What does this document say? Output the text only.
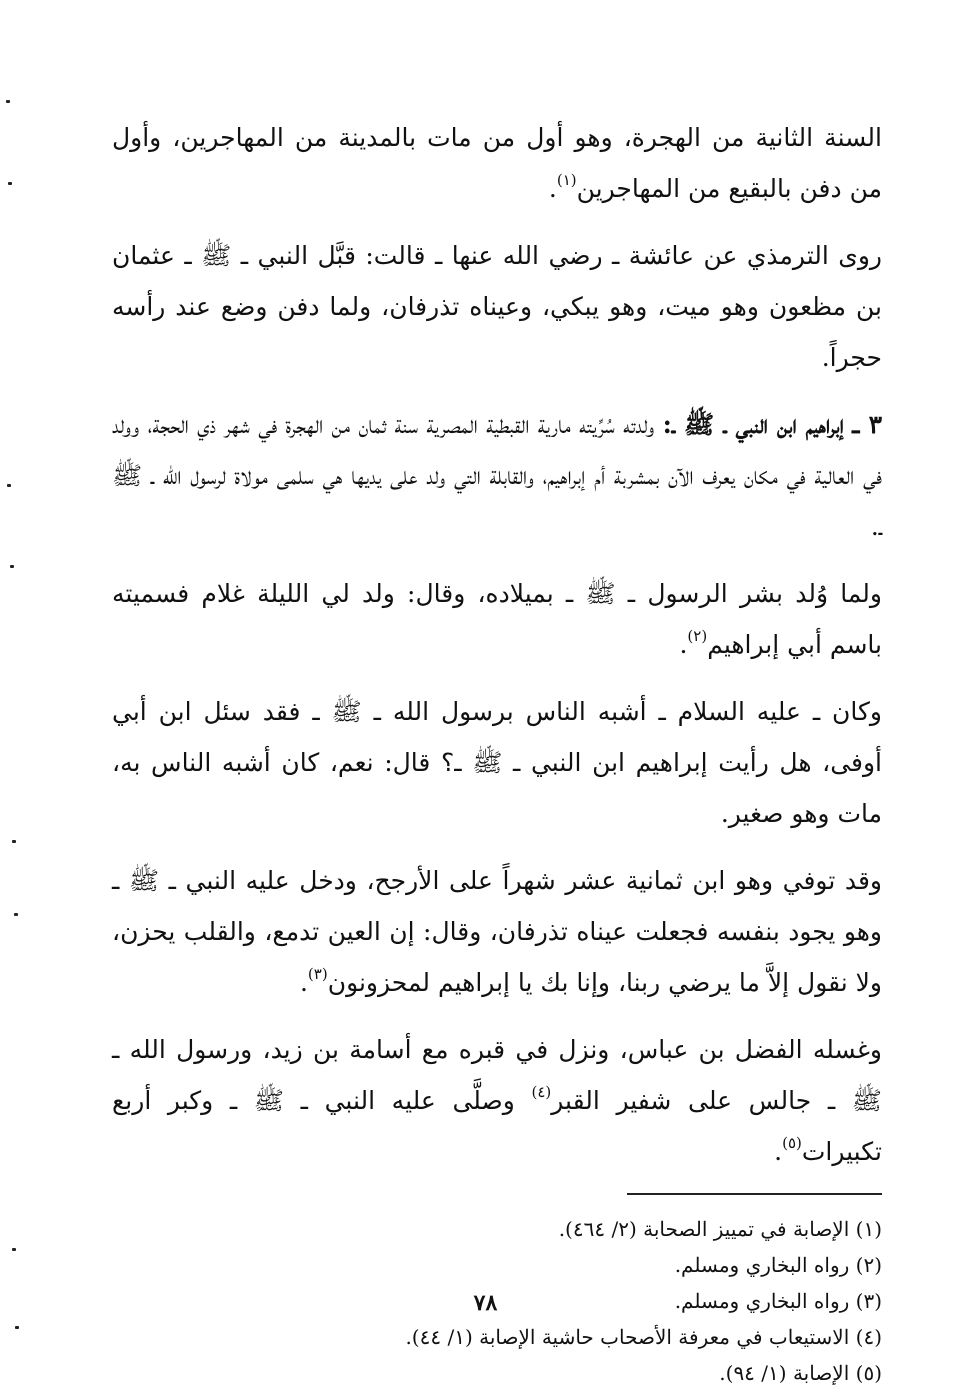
السنة الثانية من الهجرة، وهو أول من مات بالمدينة من المهاجرين، وأول من دفن بالبقيع من المهاجرين$^{(١)}$.

روى الترمذي عن عائشة ـ رضي الله عنها ـ قالت: قبَّل النبي ـ ﷺ ـ عثمان بن مظعون وهو ميت، وهو يبكي، وعيناه تذرفان، ولما دفن وضع عند رأسه حجراً.

٣ ـ إبراهيم ابن النبي ـ ﷺ ـ: ولدته سُرِّيته مارية القبطية المصرية سنة ثمان من الهجرة في شهر ذي الحجة، وولد في العالية في مكان يعرف الآن بمشربة أم إبراهيم، والقابلة التي ولد على يديها هي سلمى مولاة لرسول الله ـ ﷺ ـ.

ولما وُلد بشر الرسول ـ ﷺ ـ بميلاده، وقال: ولد لي الليلة غلام فسميته باسم أبي إبراهيم$^{(٢)}$.

وكان ـ عليه السلام ـ أشبه الناس برسول الله ـ ﷺ ـ فقد سئل ابن أبي أوفى، هل رأيت إبراهيم ابن النبي ـ ﷺ ـ؟ قال: نعم، كان أشبه الناس به، مات وهو صغير.

وقد توفي وهو ابن ثمانية عشر شهراً على الأرجح، ودخل عليه النبي ـ ﷺ ـ وهو يجود بنفسه فجعلت عيناه تذرفان، وقال: إن العين تدمع، والقلب يحزن، ولا نقول إلاَّ ما يرضي ربنا، وإنا بك يا إبراهيم لمحزونون$^{(٣)}$.

وغسله الفضل بن عباس، ونزل في قبره مع أسامة بن زيد، ورسول الله ـ ﷺ ـ جالس على شفير القبر$^{(٤)}$ وصلَّى عليه النبي ـ ﷺ ـ وكبر أربع تكبيرات$^{(٥)}$.

(١) الإصابة في تمييز الصحابة (٢/ ٤٦٤).

(٢) رواه البخاري ومسلم.

(٣) رواه البخاري ومسلم.

(٤) الاستيعاب في معرفة الأصحاب حاشية الإصابة (١/ ٤٤).

(٥) الإصابة (١/ ٩٤).

٧٨
